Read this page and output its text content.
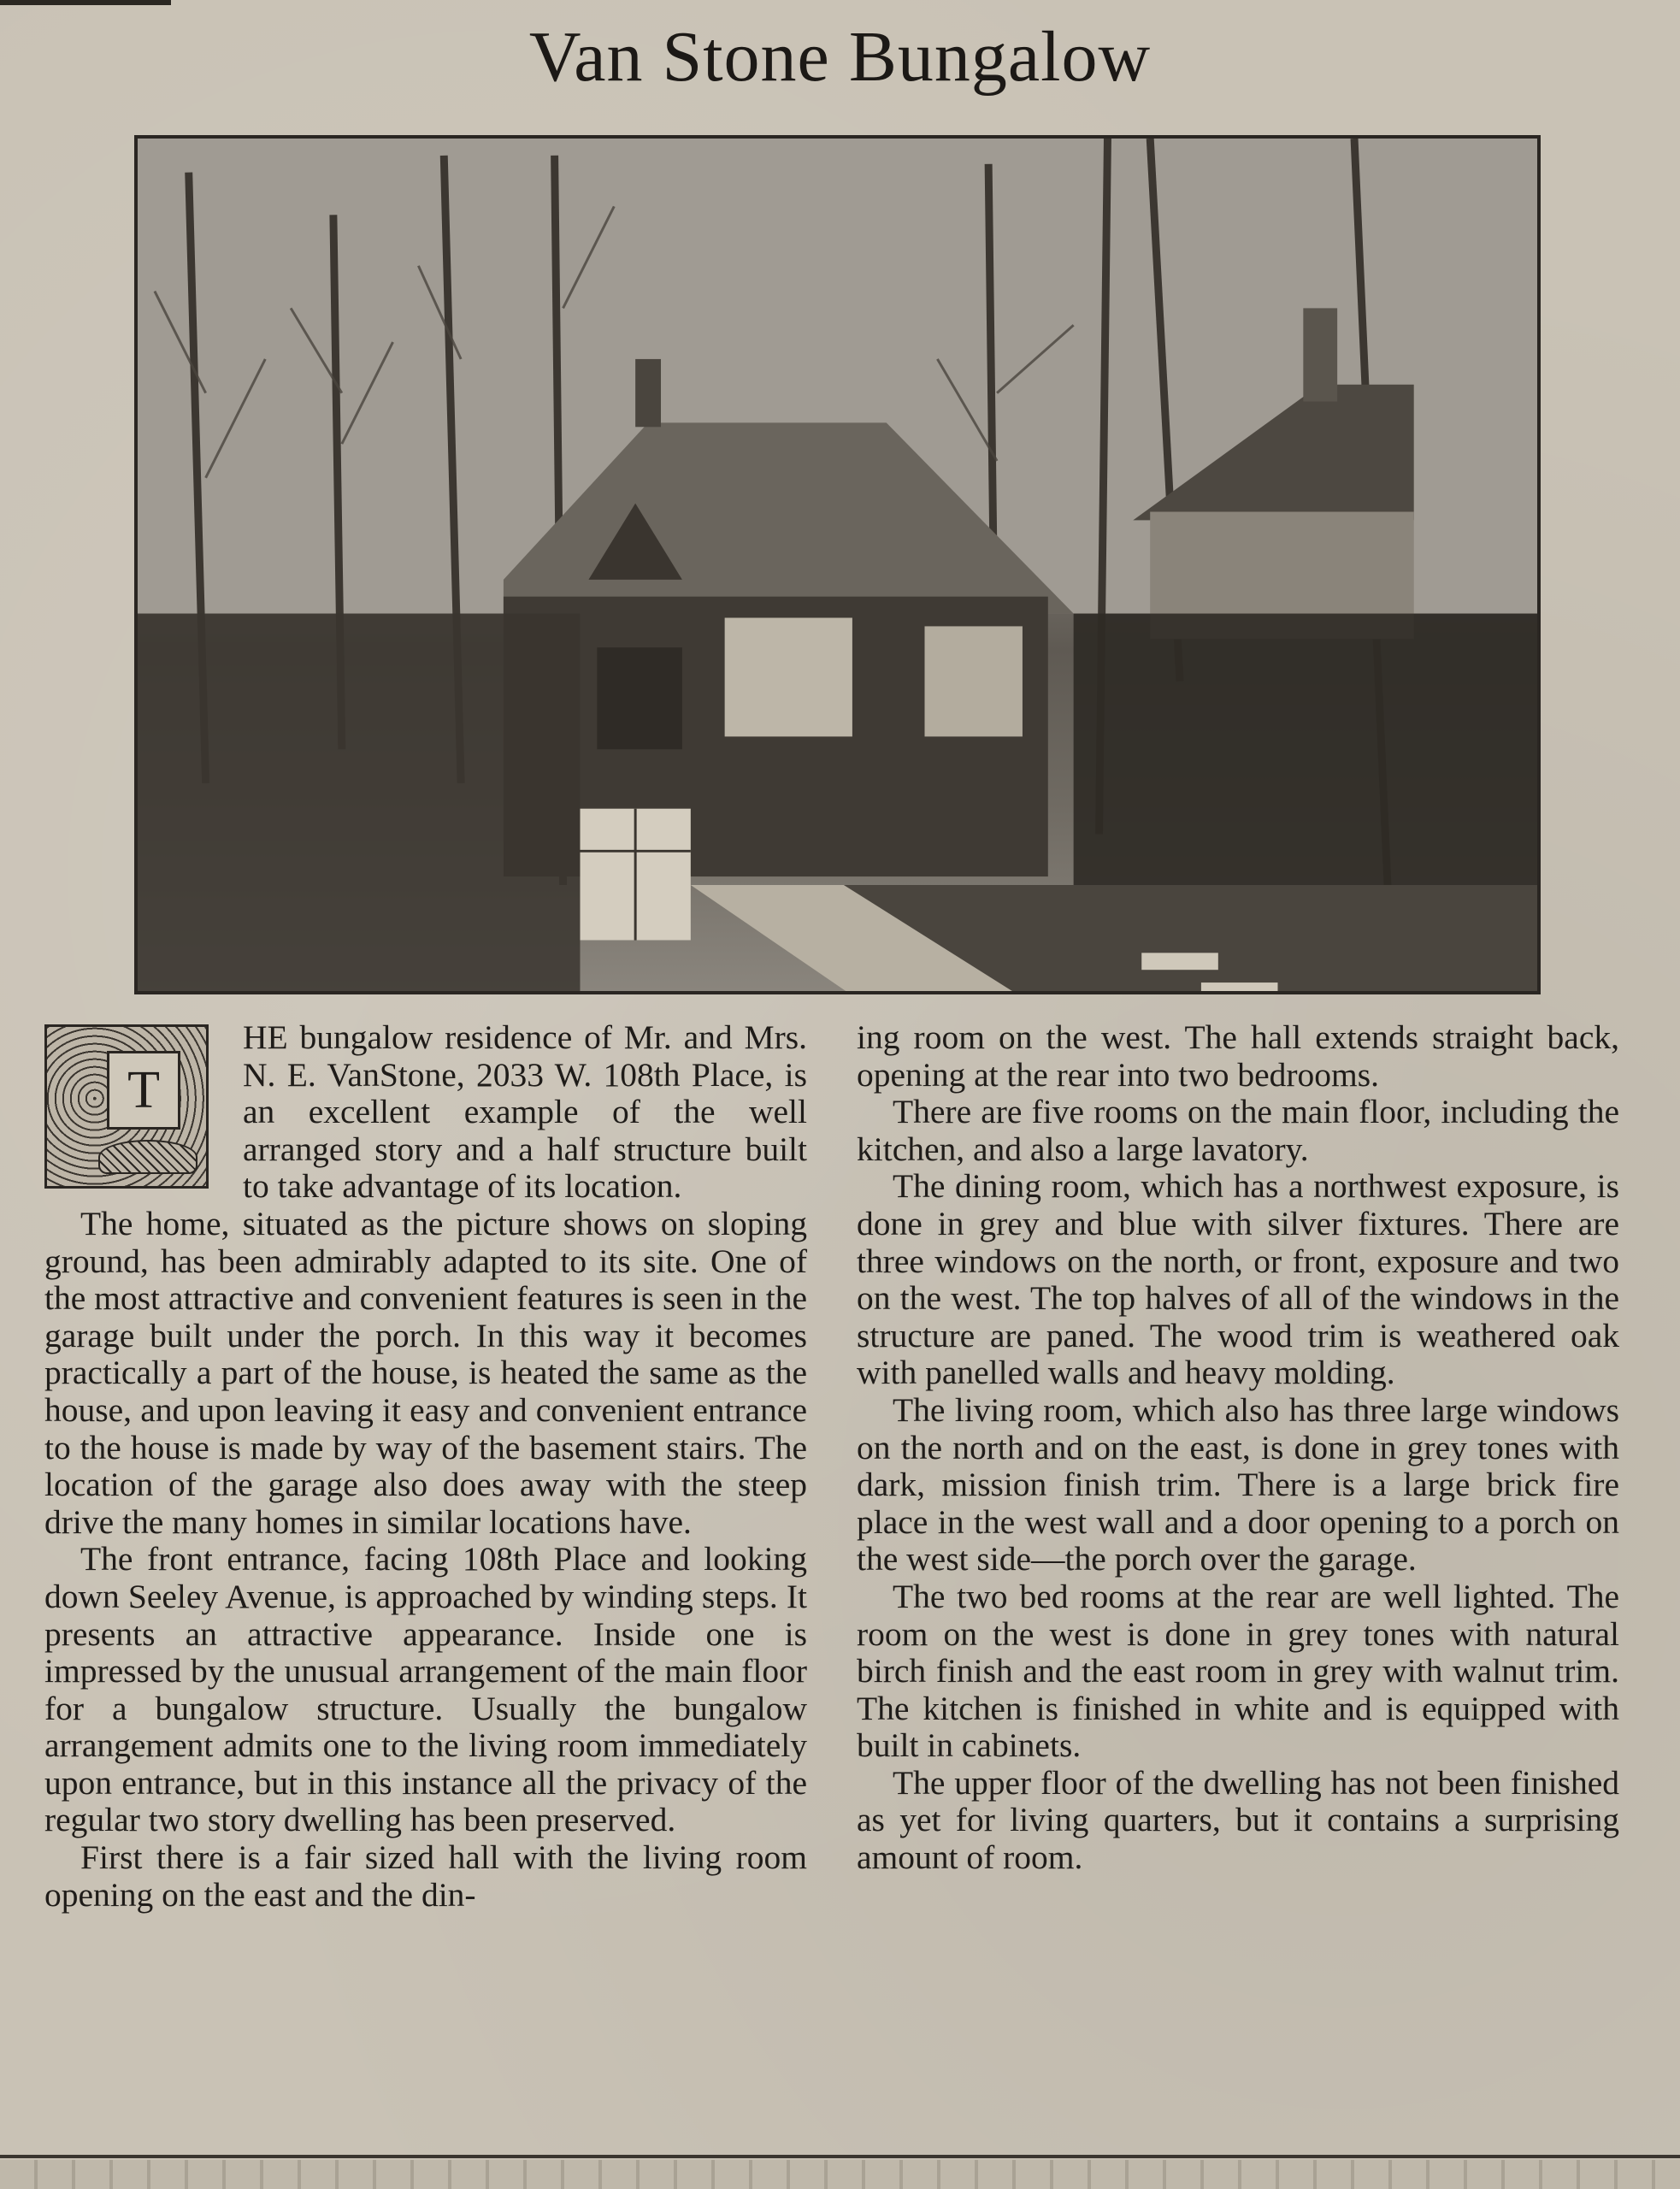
Van Stone Bungalow
T

HE bungalow residence of Mr. and Mrs. N. E. VanStone, 2033 W. 108th Place, is an excellent example of the well arranged story and a half structure built to take advantage of its location.

The home, situated as the picture shows on sloping ground, has been admirably adapted to its site. One of the most attractive and convenient features is seen in the garage built under the porch. In this way it becomes practically a part of the house, is heated the same as the house, and upon leaving it easy and convenient entrance to the house is made by way of the basement stairs. The location of the garage also does away with the steep drive the many homes in similar locations have.

The front entrance, facing 108th Place and looking down Seeley Avenue, is approached by winding steps. It presents an attractive appearance. Inside one is impressed by the unusual arrangement of the main floor for a bungalow structure. Usually the bungalow arrangement admits one to the living room immediately upon entrance, but in this instance all the privacy of the regular two story dwelling has been preserved.

First there is a fair sized hall with the living room opening on the east and the din-

ing room on the west. The hall extends straight back, opening at the rear into two bedrooms.

There are five rooms on the main floor, including the kitchen, and also a large lavatory.

The dining room, which has a northwest exposure, is done in grey and blue with silver fixtures. There are three windows on the north, or front, exposure and two on the west. The top halves of all of the windows in the structure are paned. The wood trim is weathered oak with panelled walls and heavy molding.

The living room, which also has three large windows on the north and on the east, is done in grey tones with dark, mission finish trim. There is a large brick fire place in the west wall and a door opening to a porch on the west side—the porch over the garage.

The two bed rooms at the rear are well lighted. The room on the west is done in grey tones with natural birch finish and the east room in grey with walnut trim. The kitchen is finished in white and is equipped with built in cabinets.

The upper floor of the dwelling has not been finished as yet for living quarters, but it contains a surprising amount of room.
